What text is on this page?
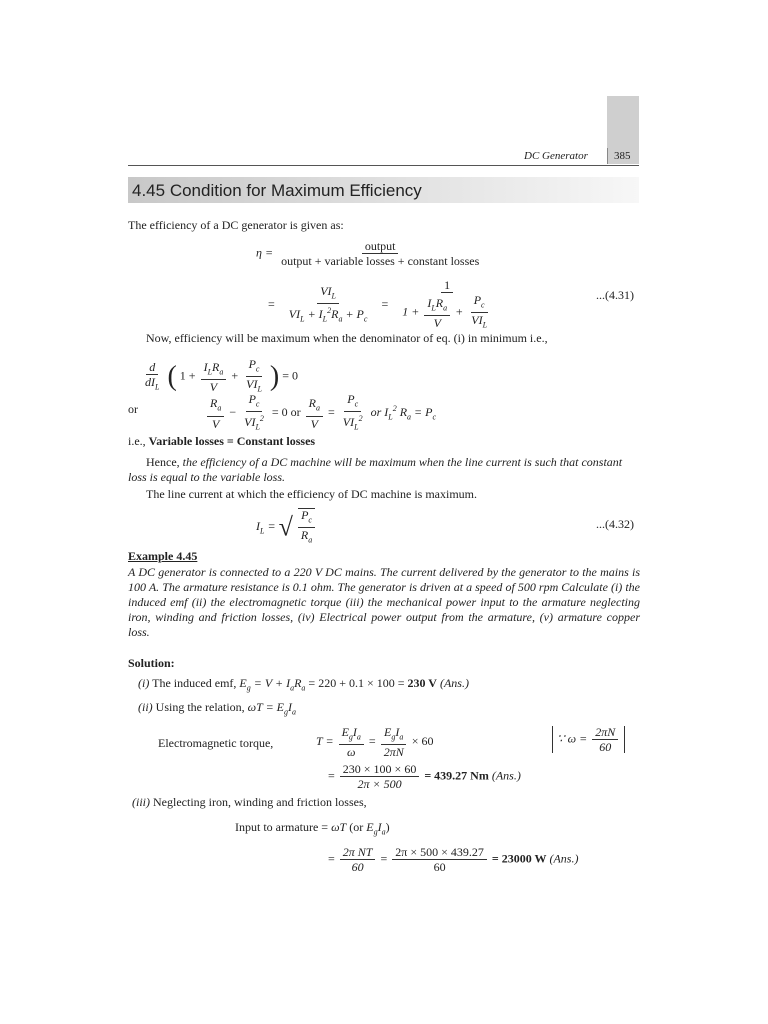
DC Generator 385
4.45 Condition for Maximum Efficiency
The efficiency of a DC generator is given as:
$\eta = \frac{\text{output}}{\text{output + variable losses + constant losses}}$
= $\frac{VI_L}{VI_L + I_L^2R_a + P_c} = \frac{1}{1 + \frac{I_LR_a}{V} + \frac{P_c}{VI_L}}$	...(4.31)
Now, efficiency will be maximum when the denominator of eq. (i) in minimum i.e.,
$\frac{d}{dI_L}$ ( $1 + \frac{I_LR_a}{V} + \frac{P_c}{VI_L}$ ) = 0
or	$\frac{R_a}{V} - \frac{P_c}{VI_L^2} = 0$ or $\frac{R_a}{V} = \frac{P_c}{VI_L^2}$ or $I_L^2$ $R_a = P_c$
i.e., Variable losses = Constant losses
Hence, the efficiency of a DC machine will be maximum when the line current is such that constant loss is equal to the variable loss.
The line current at which the efficiency of DC machine is maximum.
$I_L$ = √ $\frac{P_c}{R_a}$	...(4.32)
Example 4.45
A DC generator is connected to a 220 V DC mains. The current delivered by the generator to the mains is 100 A. The armature resistance is 0.1 ohm. The generator is driven at a speed of 500 rpm Calculate (i) the induced emf (ii) the electromagnetic torque (iii) the mechanical power input to the armature neglecting iron, winding and friction losses, (iv) Electrical power output from the armature, (v) armature copper loss.
Solution:
(i) The induced emf, $E_g = V + I_aR_a = 220 + 0.1 \times 100 = 230$ V (Ans.)
(ii) Using the relation, $\omega T = E_gI_a$
Electromagnetic torque,	$T = \frac{E_gI_a}{\omega} = \frac{E_gI_a}{2\pi N} \times 60$	∵ $\omega = \frac{2\pi N}{60}$
= $\frac{230 \times 100 \times 60}{2\pi \times 500} = 439.27$ Nm (Ans.)
(iii) Neglecting iron, winding and friction losses,
Input to armature = ωT (or $E_gI_a$)
= $\frac{\text{2π NT}}{60} = \frac{2\pi \times 500 \times 439.27}{60} = 23000$ W (Ans.)
